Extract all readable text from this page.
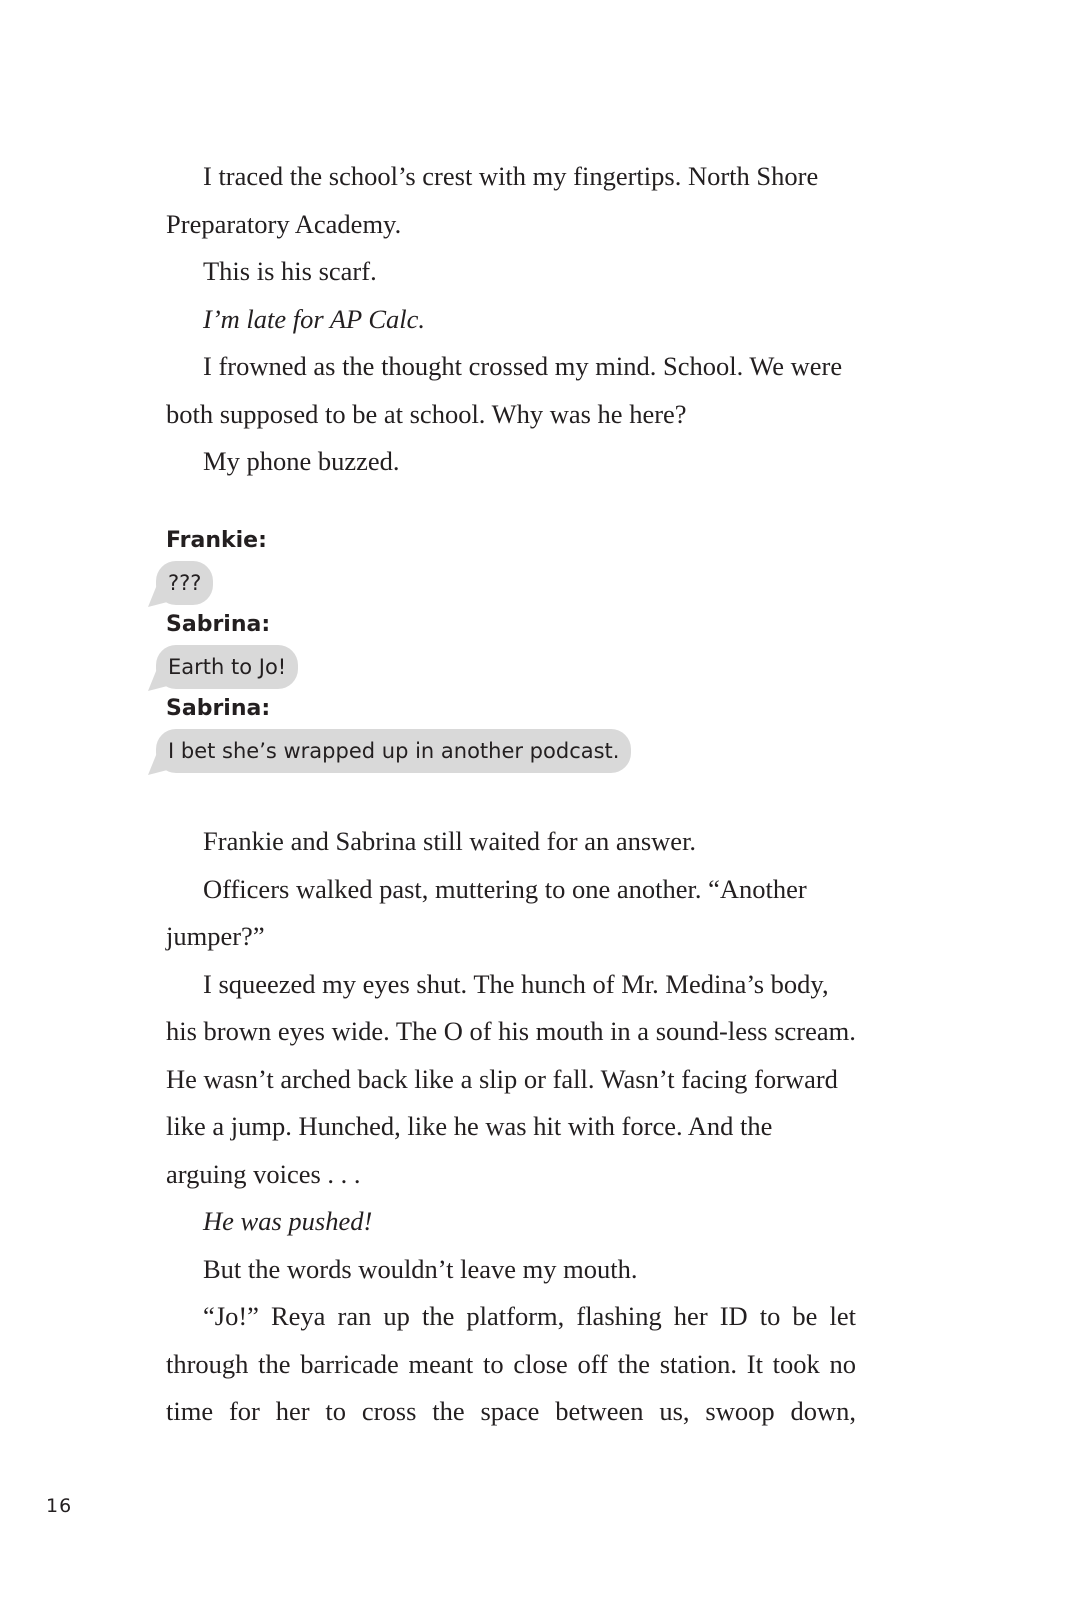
I traced the school’s crest with my fingertips. North Shore Preparatory Academy.

This is his scarf.

I’m late for AP Calc.

I frowned as the thought crossed my mind. School. We were both supposed to be at school. Why was he here?

My phone buzzed.

Frankie:
???
Sabrina:
Earth to Jo!
Sabrina:
I bet she’s wrapped up in another podcast.

Frankie and Sabrina still waited for an answer.

Officers walked past, muttering to one another. “Another jumper?”

I squeezed my eyes shut. The hunch of Mr. Medina’s body, his brown eyes wide. The O of his mouth in a sound-less scream. He wasn’t arched back like a slip or fall. Wasn’t facing forward like a jump. Hunched, like he was hit with force. And the arguing voices . . .

He was pushed!

But the words wouldn’t leave my mouth.

“Jo!” Reya ran up the platform, flashing her ID to be let through the barricade meant to close off the station. It took no time for her to cross the space between us, swoop down,

16
